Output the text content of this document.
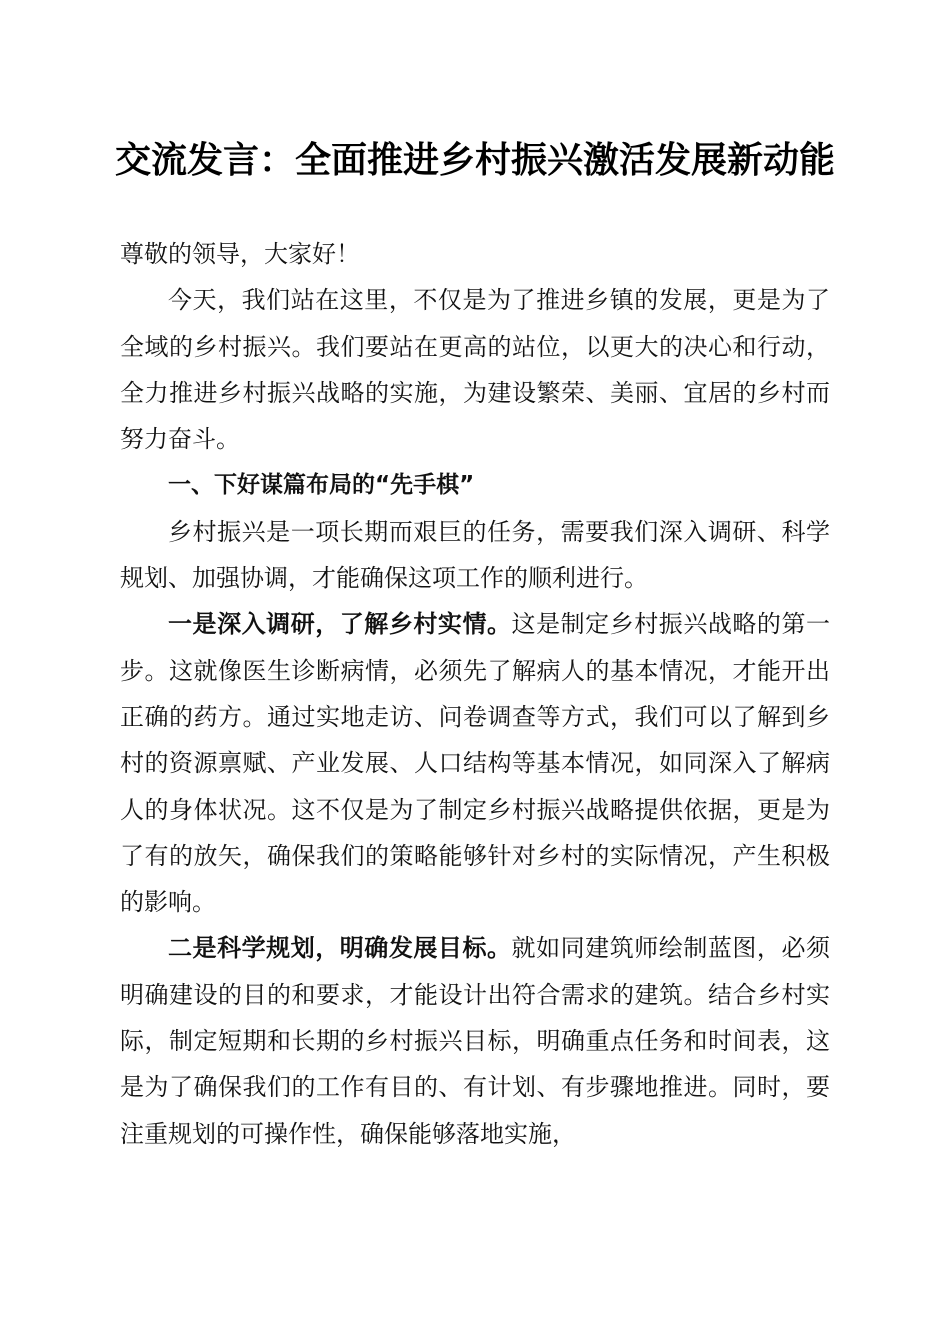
交流发言：全面推进乡村振兴激活发展新动能

尊敬的领导，大家好！

今天，我们站在这里，不仅是为了推进乡镇的发展，更是为了全域的乡村振兴。我们要站在更高的站位，以更大的决心和行动，全力推进乡村振兴战略的实施，为建设繁荣、美丽、宜居的乡村而努力奋斗。

一、下好谋篇布局的“先手棋”

乡村振兴是一项长期而艰巨的任务，需要我们深入调研、科学规划、加强协调，才能确保这项工作的顺利进行。

一是深入调研，了解乡村实情。这是制定乡村振兴战略的第一步。这就像医生诊断病情，必须先了解病人的基本情况，才能开出正确的药方。通过实地走访、问卷调查等方式，我们可以了解到乡村的资源禀赋、产业发展、人口结构等基本情况，如同深入了解病人的身体状况。这不仅是为了制定乡村振兴战略提供依据，更是为了有的放矢，确保我们的策略能够针对乡村的实际情况，产生积极的影响。

二是科学规划，明确发展目标。就如同建筑师绘制蓝图，必须明确建设的目的和要求，才能设计出符合需求的建筑。结合乡村实际，制定短期和长期的乡村振兴目标，明确重点任务和时间表，这是为了确保我们的工作有目的、有计划、有步骤地推进。同时，要注重规划的可操作性，确保能够落地实施，
